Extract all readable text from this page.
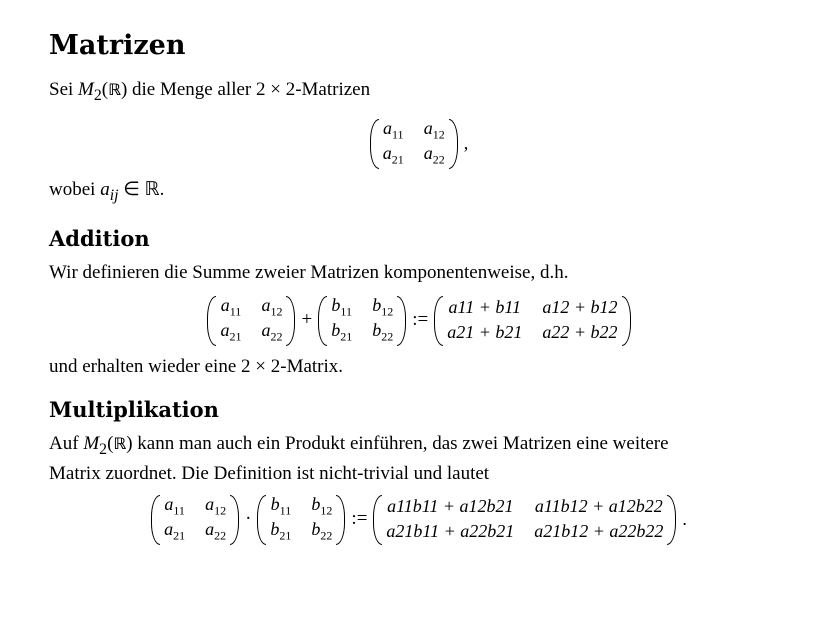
Matrizen

Sei $M_2(ℝ)$ die Menge aller 2 × 2-Matrizen

$a_{11}$ $a_{12}$
$a_{21}$ $a_{22}$
,

wobei $a_{ij}$ ∈ ℝ.

Addition

Wir definieren die Summe zweier Matrizen komponentenweise, d.h.

$a_{11}$ $a_{12}$
$a_{21}$ $a_{22}$
+
$b_{11}$ $b_{12}$
$b_{21}$ $b_{22}$
:=
a11 + b11 a12 + b12
a21 + b21 a22 + b22

und erhalten wieder eine 2 × 2-Matrix.

Multiplikation

Auf $M_2(ℝ)$ kann man auch ein Produkt einführen, das zwei Matrizen eine weitere
Matrix zuordnet. Die Definition ist nicht-trivial und lautet

$a_{11}$ $a_{12}$
$a_{21}$ $a_{22}$
·
$b_{11}$ $b_{12}$
$b_{21}$ $b_{22}$
:=
a11b11 + a12b21 a11b12 + a12b22
a21b11 + a22b21 a21b12 + a22b22
.
